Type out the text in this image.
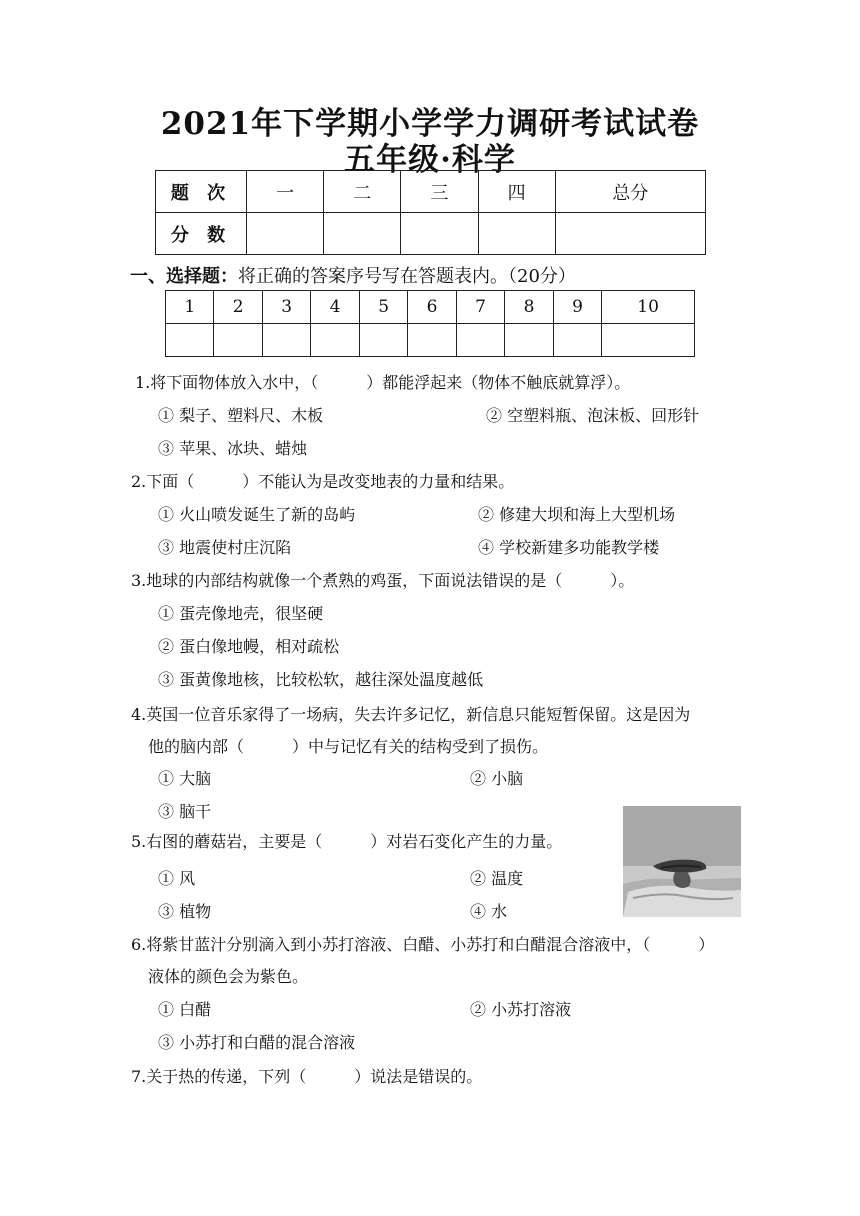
2021年下学期小学学力调研考试试卷
五年级·科学
题 次	一	二	三	四	总分
分 数					
一、选择题：将正确的答案序号写在答题表内。（20分）
1	2	3	4	5	6	7	8	9	10

1.将下面物体放入水中，（　　　）都能浮起来（物体不触底就算浮）。
① 梨子、塑料尺、木板	② 空塑料瓶、泡沫板、回形针
③ 苹果、冰块、蜡烛
2.下面（　　　）不能认为是改变地表的力量和结果。
① 火山喷发诞生了新的岛屿	② 修建大坝和海上大型机场
③ 地震使村庄沉陷	④ 学校新建多功能教学楼
3.地球的内部结构就像一个煮熟的鸡蛋，下面说法错误的是（　　　）。
① 蛋壳像地壳，很坚硬
② 蛋白像地幔，相对疏松
③ 蛋黄像地核，比较松软，越往深处温度越低
4.英国一位音乐家得了一场病，失去许多记忆，新信息只能短暂保留。这是因为
他的脑内部（　　　）中与记忆有关的结构受到了损伤。
① 大脑	② 小脑
③ 脑干
5.右图的蘑菇岩，主要是（　　　）对岩石变化产生的力量。
① 风	② 温度
③ 植物	④ 水
6.将紫甘蓝汁分别滴入到小苏打溶液、白醋、小苏打和白醋混合溶液中，（　　　）
液体的颜色会为紫色。
① 白醋	② 小苏打溶液
③ 小苏打和白醋的混合溶液
7.关于热的传递，下列（　　　）说法是错误的。
